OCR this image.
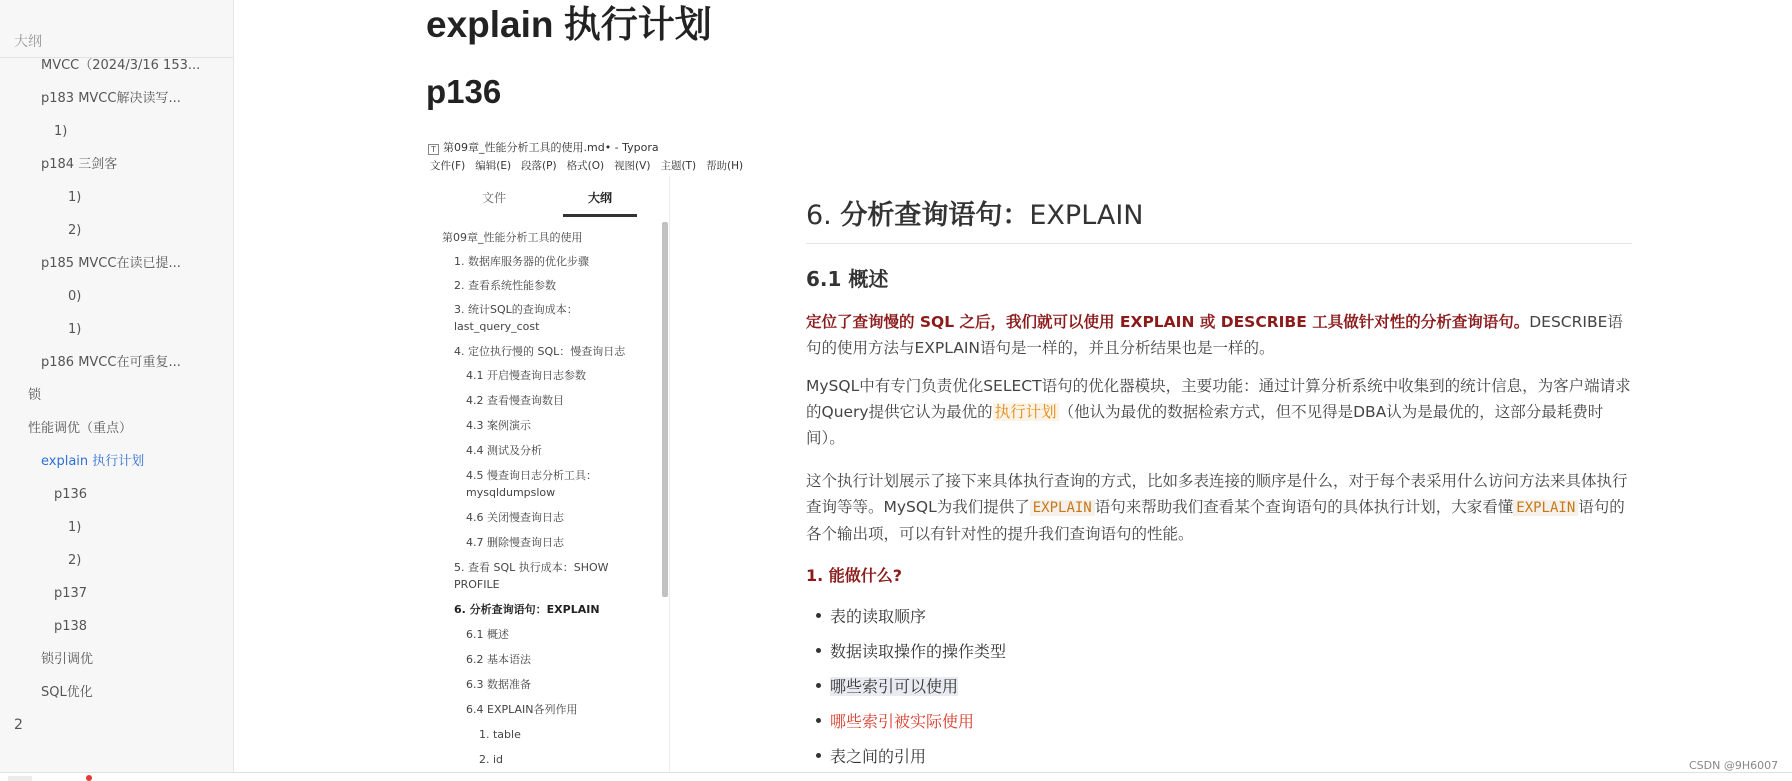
大纲
MVCC（2024/3/16 153...
p183 MVCC解决读写...
1)
p184 三剑客
1)
2)
p185 MVCC在读已提...
0)
1)
p186 MVCC在可重复...
锁
性能调优（重点）
explain 执行计划
p136
1)
2)
p137
p138
锁引调优
SQL优化
2
explain 执行计划
p136
T 第09章_性能分析工具的使用.md• - Typora
文件(F) 编辑(E) 段落(P) 格式(O) 视图(V) 主题(T) 帮助(H)
文件	大纲
第09章_性能分析工具的使用
1. 数据库服务器的优化步骤
2. 查看系统性能参数
3. 统计SQL的查询成本：
last_query_cost
4. 定位执行慢的 SQL：慢查询日志
4.1 开启慢查询日志参数
4.2 查看慢查询数目
4.3 案例演示
4.4 测试及分析
4.5 慢查询日志分析工具：
mysqldumpslow
4.6 关闭慢查询日志
4.7 删除慢查询日志
5. 查看 SQL 执行成本：SHOW
PROFILE
6. 分析查询语句：EXPLAIN
6.1 概述
6.2 基本语法
6.3 数据准备
6.4 EXPLAIN各列作用
1. table
2. id
6. 分析查询语句：EXPLAIN
6.1 概述
定位了查询慢的 SQL 之后，我们就可以使用 EXPLAIN 或 DESCRIBE 工具做针对性的分析查询语句。DESCRIBE语句的使用方法与EXPLAIN语句是一样的，并且分析结果也是一样的。
MySQL中有专门负责优化SELECT语句的优化器模块，主要功能：通过计算分析系统中收集到的统计信息，为客户端请求的Query提供它认为最优的 执行计划 （他认为最优的数据检索方式，但不见得是DBA认为是最优的，这部分最耗费时间）。
这个执行计划展示了接下来具体执行查询的方式，比如多表连接的顺序是什么，对于每个表采用什么访问方法来具体执行查询等等。MySQL为我们提供了 EXPLAIN 语句来帮助我们查看某个查询语句的具体执行计划，大家看懂 EXPLAIN 语句的各个输出项，可以有针对性的提升我们查询语句的性能。
1. 能做什么?
表的读取顺序
数据读取操作的操作类型
哪些索引可以使用
哪些索引被实际使用
表之间的引用	CSDN @9H6007
